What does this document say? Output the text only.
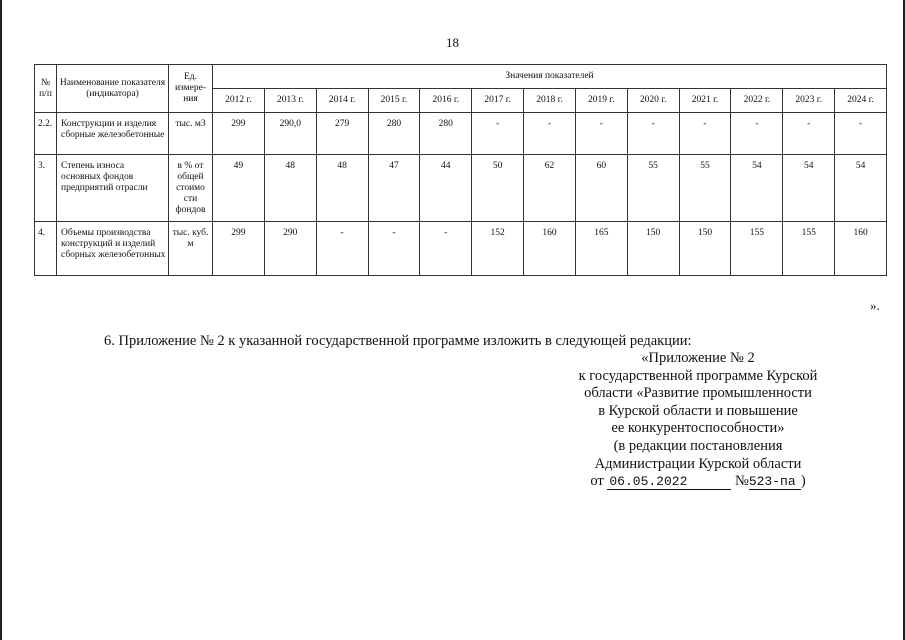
18
№ п/п	Наименование показателя (индикатора)	Ед. измере-ния	Значения показателей												
			2012 г.	2013 г.	2014 г.	2015 г.	2016 г.	2017 г.	2018 г.	2019 г.	2020 г.	2021 г.	2022 г.	2023 г.	2024 г.
2.2.	Конструкции и изделия сборные железобетонные	тыс. м3	299	290,0	279	280	280	-	-	-	-	-	-	-	-
3.	Степень износа основных фондов предприятий отрасли	в % от общей стоимо сти фондов	49	48	48	47	44	50	62	60	55	55	54	54	54
4.	Объемы производства конструкций и изделий сборных железобетонных	тыс. куб. м	299	290	-	-	-	152	160	165	150	150	155	155	160
».
6. Приложение № 2 к указанной государственной программе изложить в следующей редакции:
«Приложение № 2
к государственной программе Курской
области «Развитие промышленности
в Курской области и повышение
ее конкурентоспособности»
(в редакции постановления
Администрации Курской области
от 06.05.2022	№523-па )
